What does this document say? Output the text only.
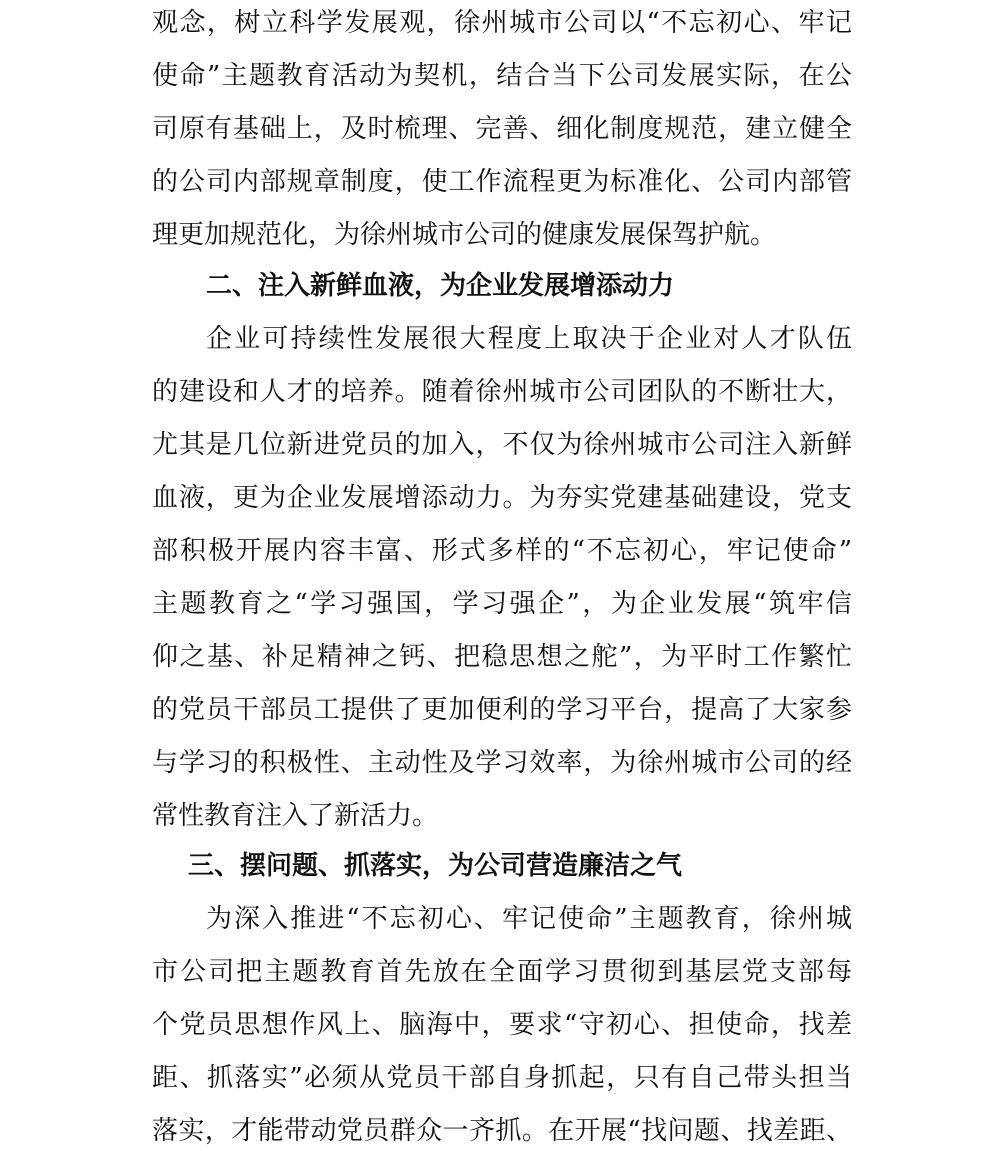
观念，树立科学发展观，徐州城市公司以“不忘初心、牢记
使命”主题教育活动为契机，结合当下公司发展实际，在公
司原有基础上，及时梳理、完善、细化制度规范，建立健全
的公司内部规章制度，使工作流程更为标准化、公司内部管
理更加规范化，为徐州城市公司的健康发展保驾护航。
二、注入新鲜血液，为企业发展增添动力
企业可持续性发展很大程度上取决于企业对人才队伍
的建设和人才的培养。随着徐州城市公司团队的不断壮大，
尤其是几位新进党员的加入，不仅为徐州城市公司注入新鲜
血液，更为企业发展增添动力。为夯实党建基础建设，党支
部积极开展内容丰富、形式多样的“不忘初心，牢记使命”
主题教育之“学习强国，学习强企”，为企业发展“筑牢信
仰之基、补足精神之钙、把稳思想之舵”，为平时工作繁忙
的党员干部员工提供了更加便利的学习平台，提高了大家参
与学习的积极性、主动性及学习效率，为徐州城市公司的经
常性教育注入了新活力。
三、摆问题、抓落实，为公司营造廉洁之气
为深入推进“不忘初心、牢记使命”主题教育，徐州城
市公司把主题教育首先放在全面学习贯彻到基层党支部每
个党员思想作风上、脑海中，要求“守初心、担使命，找差
距、抓落实”必须从党员干部自身抓起，只有自己带头担当
落实，才能带动党员群众一齐抓。在开展“找问题、找差距、
